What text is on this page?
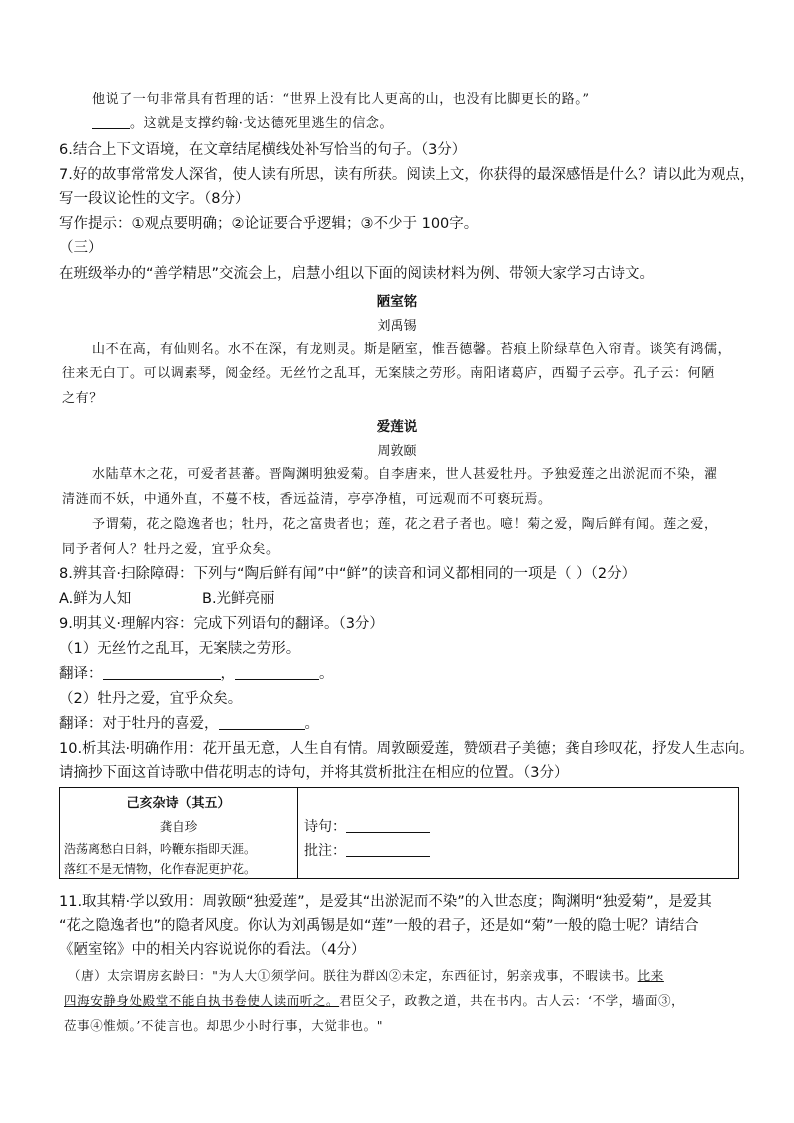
他说了一句非常具有哲理的话：“世界上没有比人更高的山，也没有比脚更长的路。”
。这就是支撑约翰·戈达德死里逃生的信念。
6.结合上下文语境，在文章结尾横线处补写恰当的句子。（3分）
7.好的故事常常发人深省，使人读有所思，读有所获。阅读上文，你获得的最深感悟是什么？请以此为观点，
写一段议论性的文字。（8分）
写作提示：①观点要明确；②论证要合乎逻辑；③不少于 100字。
（三）
在班级举办的“善学精思”交流会上，启慧小组以下面的阅读材料为例、带领大家学习古诗文。
陋室铭
刘禹锡
山不在高，有仙则名。水不在深，有龙则灵。斯是陋室，惟吾德馨。苔痕上阶绿草色入帘青。谈笑有鸿儒，
往来无白丁。可以调素琴，阅金经。无丝竹之乱耳，无案牍之劳形。南阳诸葛庐，西蜀子云亭。孔子云：何陋
之有？
爱莲说
周敦颐
水陆草木之花，可爱者甚蕃。晋陶渊明独爱菊。自李唐来，世人甚爱牡丹。予独爱莲之出淤泥而不染，濯
清涟而不妖，中通外直，不蔓不枝，香远益清，亭亭净植，可远观而不可亵玩焉。
予谓菊，花之隐逸者也；牡丹，花之富贵者也；莲，花之君子者也。噫！菊之爱，陶后鲜有闻。莲之爱，
同予者何人？牡丹之爱，宜乎众矣。
8.辨其音·扫除障碍：下列与“陶后鲜有闻”中“鲜”的读音和词义都相同的一项是（ ）（2分）
A.鲜为人知	B.光鲜亮丽
9.明其义·理解内容：完成下列语句的翻译。（3分）
（1）无丝竹之乱耳，无案牍之劳形。
翻译：	，	。
（2）牡丹之爱，宜乎众矣。
翻译：对于牡丹的喜爱，	。
10.析其法·明确作用：花开虽无意，人生自有情。周敦颐爱莲，赞颂君子美德；龚自珍叹花，抒发人生志向。
请摘抄下面这首诗歌中借花明志的诗句，并将其赏析批注在相应的位置。（3分）
己亥杂诗（其五）
龚自珍
浩荡离愁白日斜，吟鞭东指即天涯。
落红不是无情物，化作春泥更护花。
诗句：
批注：
11.取其精·学以致用：周敦颐“独爱莲”，是爱其“出淤泥而不染”的入世态度；陶渊明“独爱菊”，是爱其
“花之隐逸者也”的隐者风度。你认为刘禹锡是如“莲”一般的君子，还是如“菊”一般的隐士呢？请结合
《陋室铭》中的相关内容说说你的看法。（4分）
（唐）太宗谓房玄龄曰："为人大①须学问。朕往为群凶②未定，东西征讨，躬亲戎事，不暇读书。比来
四海安静身处殿堂不能自执书卷使人读而听之。君臣父子，政教之道，共在书内。古人云：‘不学，墙面③，
莅事④惟烦。’不徒言也。却思少小时行事，大觉非也。"
